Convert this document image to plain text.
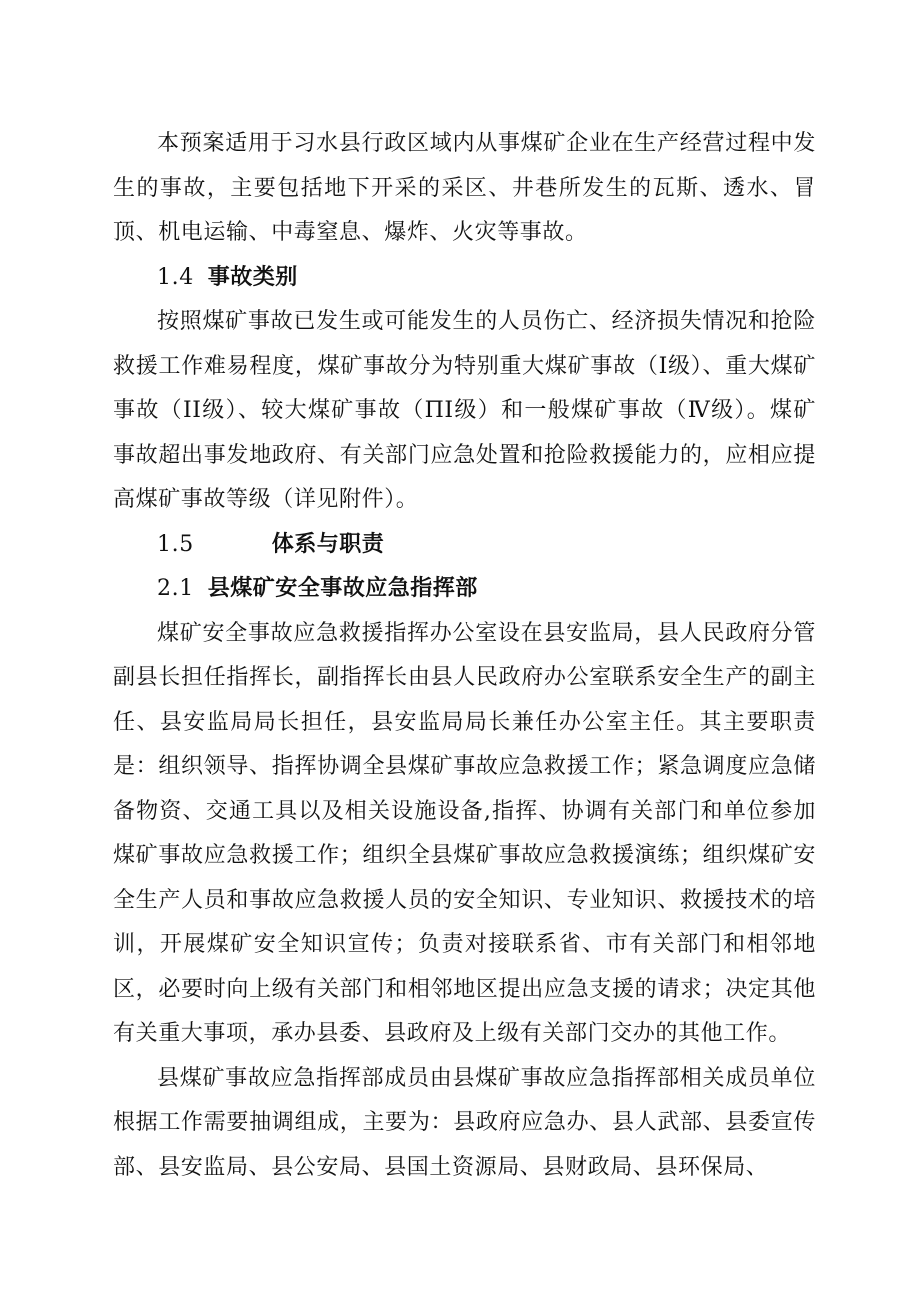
本预案适用于习水县行政区域内从事煤矿企业在生产经营过程中发生的事故，主要包括地下开采的采区、井巷所发生的瓦斯、透水、冒顶、机电运输、中毒窒息、爆炸、火灾等事故。

1.4 事故类别

按照煤矿事故已发生或可能发生的人员伤亡、经济损失情况和抢险救援工作难易程度，煤矿事故分为特别重大煤矿事故（Ⅰ级）、重大煤矿事故（II级）、较大煤矿事故（ΠΙ级）和一般煤矿事故（Ⅳ级）。煤矿事故超出事发地政府、有关部门应急处置和抢险救援能力的，应相应提高煤矿事故等级（详见附件）。

1.5	体系与职责
2.1 县煤矿安全事故应急指挥部

煤矿安全事故应急救援指挥办公室设在县安监局，县人民政府分管副县长担任指挥长，副指挥长由县人民政府办公室联系安全生产的副主任、县安监局局长担任，县安监局局长兼任办公室主任。其主要职责是：组织领导、指挥协调全县煤矿事故应急救援工作；紧急调度应急储备物资、交通工具以及相关设施设备,指挥、协调有关部门和单位参加煤矿事故应急救援工作；组织全县煤矿事故应急救援演练；组织煤矿安全生产人员和事故应急救援人员的安全知识、专业知识、救援技术的培训，开展煤矿安全知识宣传；负责对接联系省、市有关部门和相邻地区，必要时向上级有关部门和相邻地区提出应急支援的请求；决定其他有关重大事项，承办县委、县政府及上级有关部门交办的其他工作。

县煤矿事故应急指挥部成员由县煤矿事故应急指挥部相关成员单位根据工作需要抽调组成，主要为：县政府应急办、县人武部、县委宣传部、县安监局、县公安局、县国土资源局、县财政局、县环保局、
